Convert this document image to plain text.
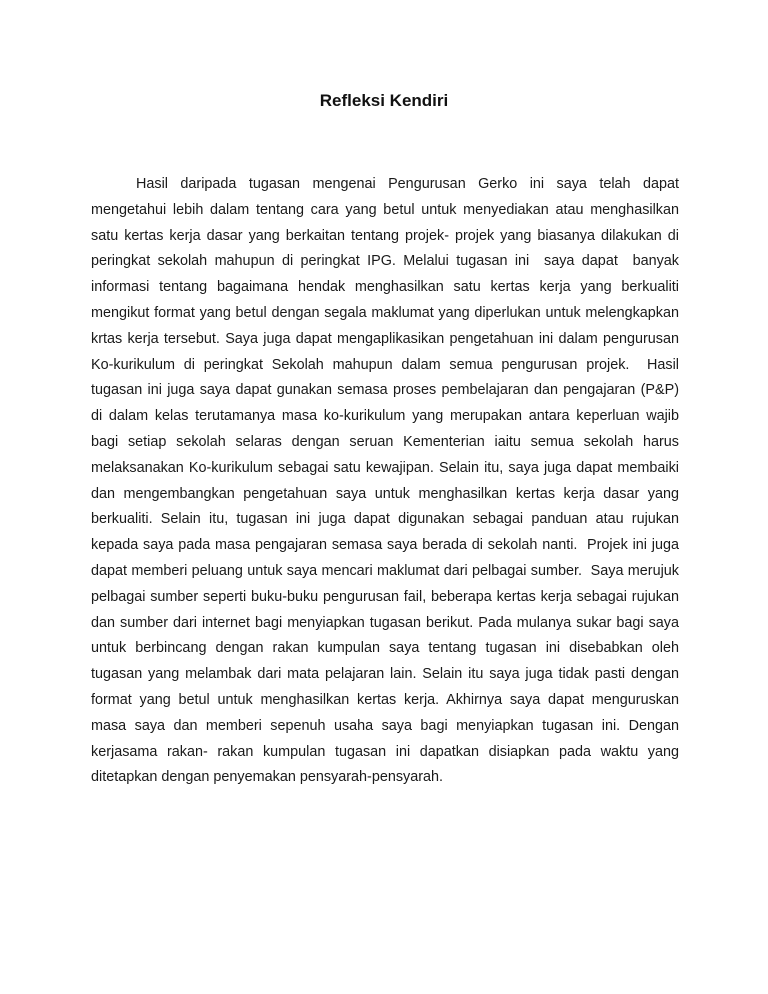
Refleksi Kendiri

Hasil daripada tugasan mengenai Pengurusan Gerko ini saya telah dapat mengetahui lebih dalam tentang cara yang betul untuk menyediakan atau menghasilkan satu kertas kerja dasar yang berkaitan tentang projek- projek yang biasanya dilakukan di peringkat sekolah mahupun di peringkat IPG. Melalui tugasan ini  saya dapat  banyak informasi tentang bagaimana hendak menghasilkan satu kertas kerja yang berkualiti mengikut format yang betul dengan segala maklumat yang diperlukan untuk melengkapkan krtas kerja tersebut. Saya juga dapat mengaplikasikan pengetahuan ini dalam pengurusan Ko-kurikulum di peringkat Sekolah mahupun dalam semua pengurusan projek.  Hasil tugasan ini juga saya dapat gunakan semasa proses pembelajaran dan pengajaran (P&P) di dalam kelas terutamanya masa ko-kurikulum yang merupakan antara keperluan wajib bagi setiap sekolah selaras dengan seruan Kementerian iaitu semua sekolah harus melaksanakan Ko-kurikulum sebagai satu kewajipan. Selain itu, saya juga dapat membaiki dan mengembangkan pengetahuan saya untuk menghasilkan kertas kerja dasar yang berkualiti. Selain itu, tugasan ini juga dapat digunakan sebagai panduan atau rujukan kepada saya pada masa pengajaran semasa saya berada di sekolah nanti.  Projek ini juga dapat memberi peluang untuk saya mencari maklumat dari pelbagai sumber.  Saya merujuk pelbagai sumber seperti buku-buku pengurusan fail, beberapa kertas kerja sebagai rujukan dan sumber dari internet bagi menyiapkan tugasan berikut. Pada mulanya sukar bagi saya untuk berbincang dengan rakan kumpulan saya tentang tugasan ini disebabkan oleh tugasan yang melambak dari mata pelajaran lain. Selain itu saya juga tidak pasti dengan format yang betul untuk menghasilkan kertas kerja. Akhirnya saya dapat menguruskan masa saya dan memberi sepenuh usaha saya bagi menyiapkan tugasan ini. Dengan kerjasama rakan- rakan kumpulan tugasan ini dapatkan disiapkan pada waktu yang ditetapkan dengan penyemakan pensyarah-pensyarah.
